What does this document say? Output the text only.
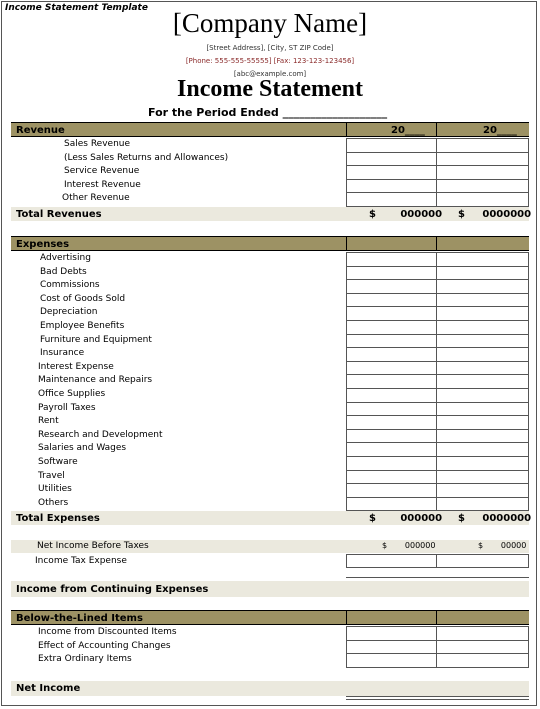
Income Statement Template [Company Name]
[Street Address], [City, ST ZIP Code]
[Phone: 555-555-55555] [Fax: 123-123-123456]
[abc@example.com]
Income Statement
For the Period Ended ___________________
Revenue	20____	20____
Sales Revenue
(Less Sales Returns and Allowances)
Service Revenue
Interest Revenue
Other Revenue
Total Revenues	$       000000 $     0000000
Expenses
Advertising
Bad Debts
Commissions
Cost of Goods Sold
Depreciation
Employee Benefits
Furniture and Equipment
Insurance
Interest Expense
Maintenance and Repairs
Office Supplies
Payroll Taxes
Rent
Research and Development
Salaries and Wages
Software
Travel
Utilities
Others
Total Expenses	$       000000 $     0000000
Net Income Before Taxes	$       000000	$       00000
Income Tax Expense
Income from Continuing Expenses
Below-the-Lined Items
Income from Discounted Items
Effect of Accounting Changes
Extra Ordinary Items
Net Income
